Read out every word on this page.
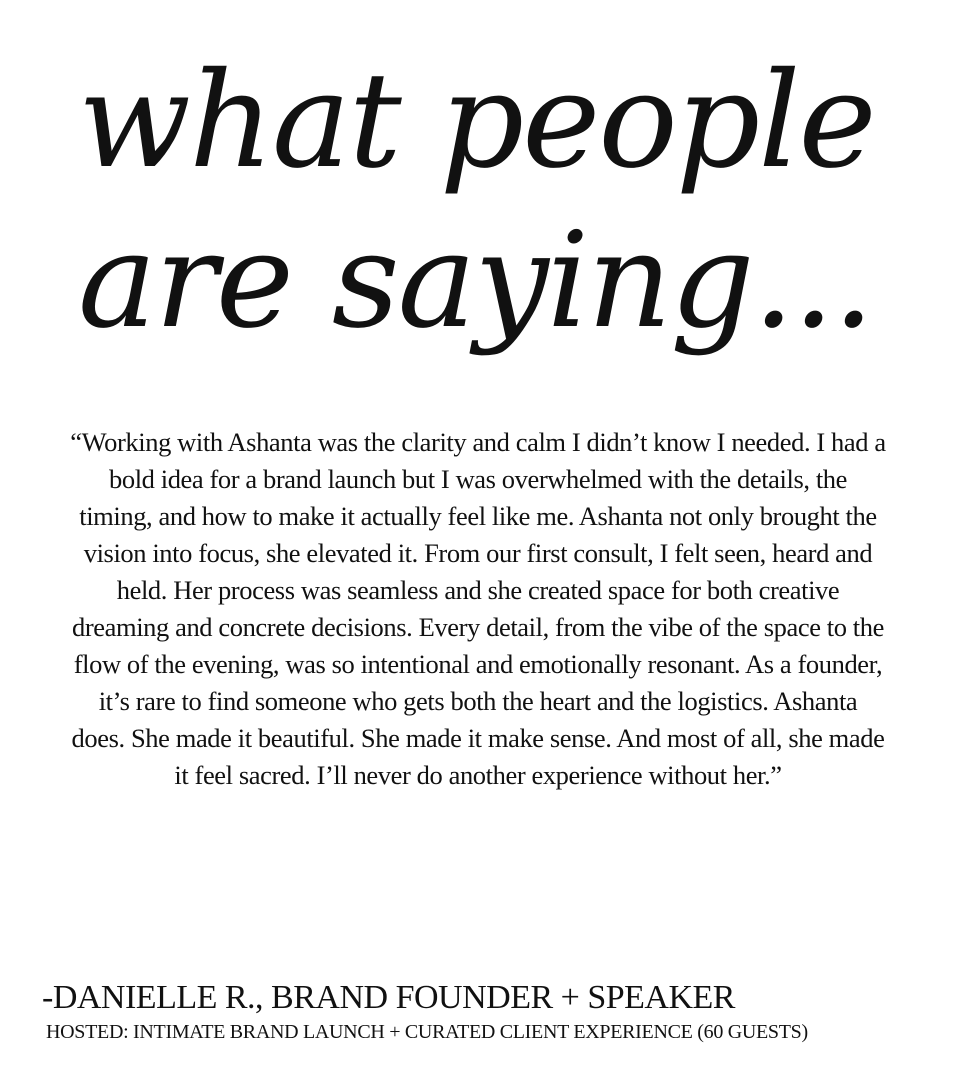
what people
are saying...

“Working with Ashanta was the clarity and calm I didn’t know I needed. I had a bold idea for a brand launch but I was overwhelmed with the details, the timing, and how to make it actually feel like me. Ashanta not only brought the vision into focus, she elevated it. From our first consult, I felt seen, heard and held. Her process was seamless and she created space for both creative dreaming and concrete decisions. Every detail, from the vibe of the space to the flow of the evening, was so intentional and emotionally resonant. As a founder, it’s rare to find someone who gets both the heart and the logistics. Ashanta does. She made it beautiful. She made it make sense. And most of all, she made it feel sacred. I’ll never do another experience without her.”

-DANIELLE R., BRAND FOUNDER + SPEAKER

HOSTED: INTIMATE BRAND LAUNCH + CURATED CLIENT EXPERIENCE (60 GUESTS)
